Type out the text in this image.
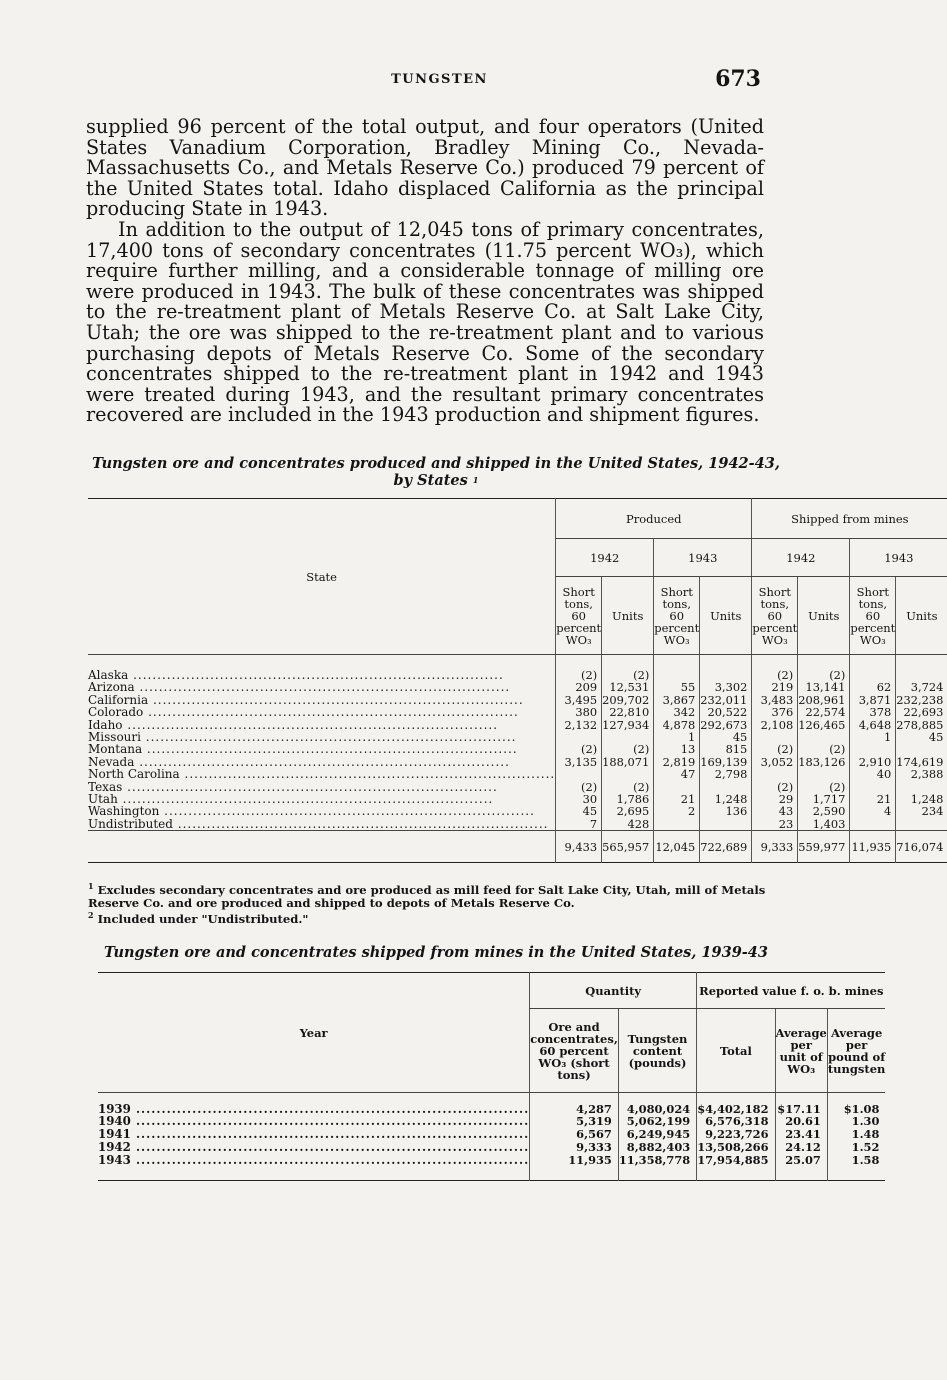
TUNGSTEN	673

supplied 96 percent of the total output, and four operators (United States Vanadium Corporation, Bradley Mining Co., Nevada-Massachusetts Co., and Metals Reserve Co.) produced 79 percent of the United States total. Idaho displaced California as the principal producing State in 1943.

In addition to the output of 12,045 tons of primary concentrates, 17,400 tons of secondary concentrates (11.75 percent WO₃), which require further milling, and a considerable tonnage of milling ore were produced in 1943. The bulk of these concentrates was shipped to the re-treatment plant of Metals Reserve Co. at Salt Lake City, Utah; the ore was shipped to the re-treatment plant and to various purchasing depots of Metals Reserve Co. Some of the secondary concentrates shipped to the re-treatment plant in 1942 and 1943 were treated during 1943, and the resultant primary concentrates recovered are included in the 1943 production and shipment figures.

Tungsten ore and concentrates produced and shipped in the United States, 1942-43,
by States $^1$
State	Produced				Shipped from mines			
	1942		1943		1942		1943	
	Short tons, 60 percent WO₃	Units	Short tons, 60 percent WO₃	Units	Short tons, 60 percent WO₃	Units	Short tons, 60 percent WO₃	Units

Alaska .....	(2)	(2)			(2)	(2)		
Arizona .....	209	12,531	55	3,302	219	13,141	62	3,724
California .....	3,495	209,702	3,867	232,011	3,483	208,961	3,871	232,238
Colorado .....	380	22,810	342	20,522	376	22,574	378	22,693
Idaho .....	2,132	127,934	4,878	292,673	2,108	126,465	4,648	278,885
Missouri .....			1	45			1	45
Montana .....	(2)	(2)	13	815	(2)	(2)		
Nevada .....	3,135	188,071	2,819	169,139	3,052	183,126	2,910	174,619
North Carolina .....			47	2,798			40	2,388
Texas .....	(2)	(2)			(2)	(2)		
Utah .....	30	1,786	21	1,248	29	1,717	21	1,248
Washington .....	45	2,695	2	136	43	2,590	4	234
Undistributed .....	7	428			23	1,403		
	9,433	565,957	12,045	722,689	9,333	559,977	11,935	716,074
$^1$ Excludes secondary concentrates and ore produced as mill feed for Salt Lake City, Utah, mill of Metals Reserve Co. and ore produced and shipped to depots of Metals Reserve Co.
$^2$ Included under "Undistributed."
Tungsten ore and concentrates shipped from mines in the United States, 1939-43
Year	Quantity		Reported value f. o. b. mines		
	Ore and concentrates, 60 percent WO₃ (short tons)	Tungsten content (pounds)	Total	Average per unit of WO₃	Average per pound of tungsten

1939 .....	4,287	4,080,024	$4,402,182	$17.11	$1.08
1940 .....	5,319	5,062,199	6,576,318	20.61	1.30
1941 .....	6,567	6,249,945	9,223,726	23.41	1.48
1942 .....	9,333	8,882,403	13,508,266	24.12	1.52
1943 .....	11,935	11,358,778	17,954,885	25.07	1.58
